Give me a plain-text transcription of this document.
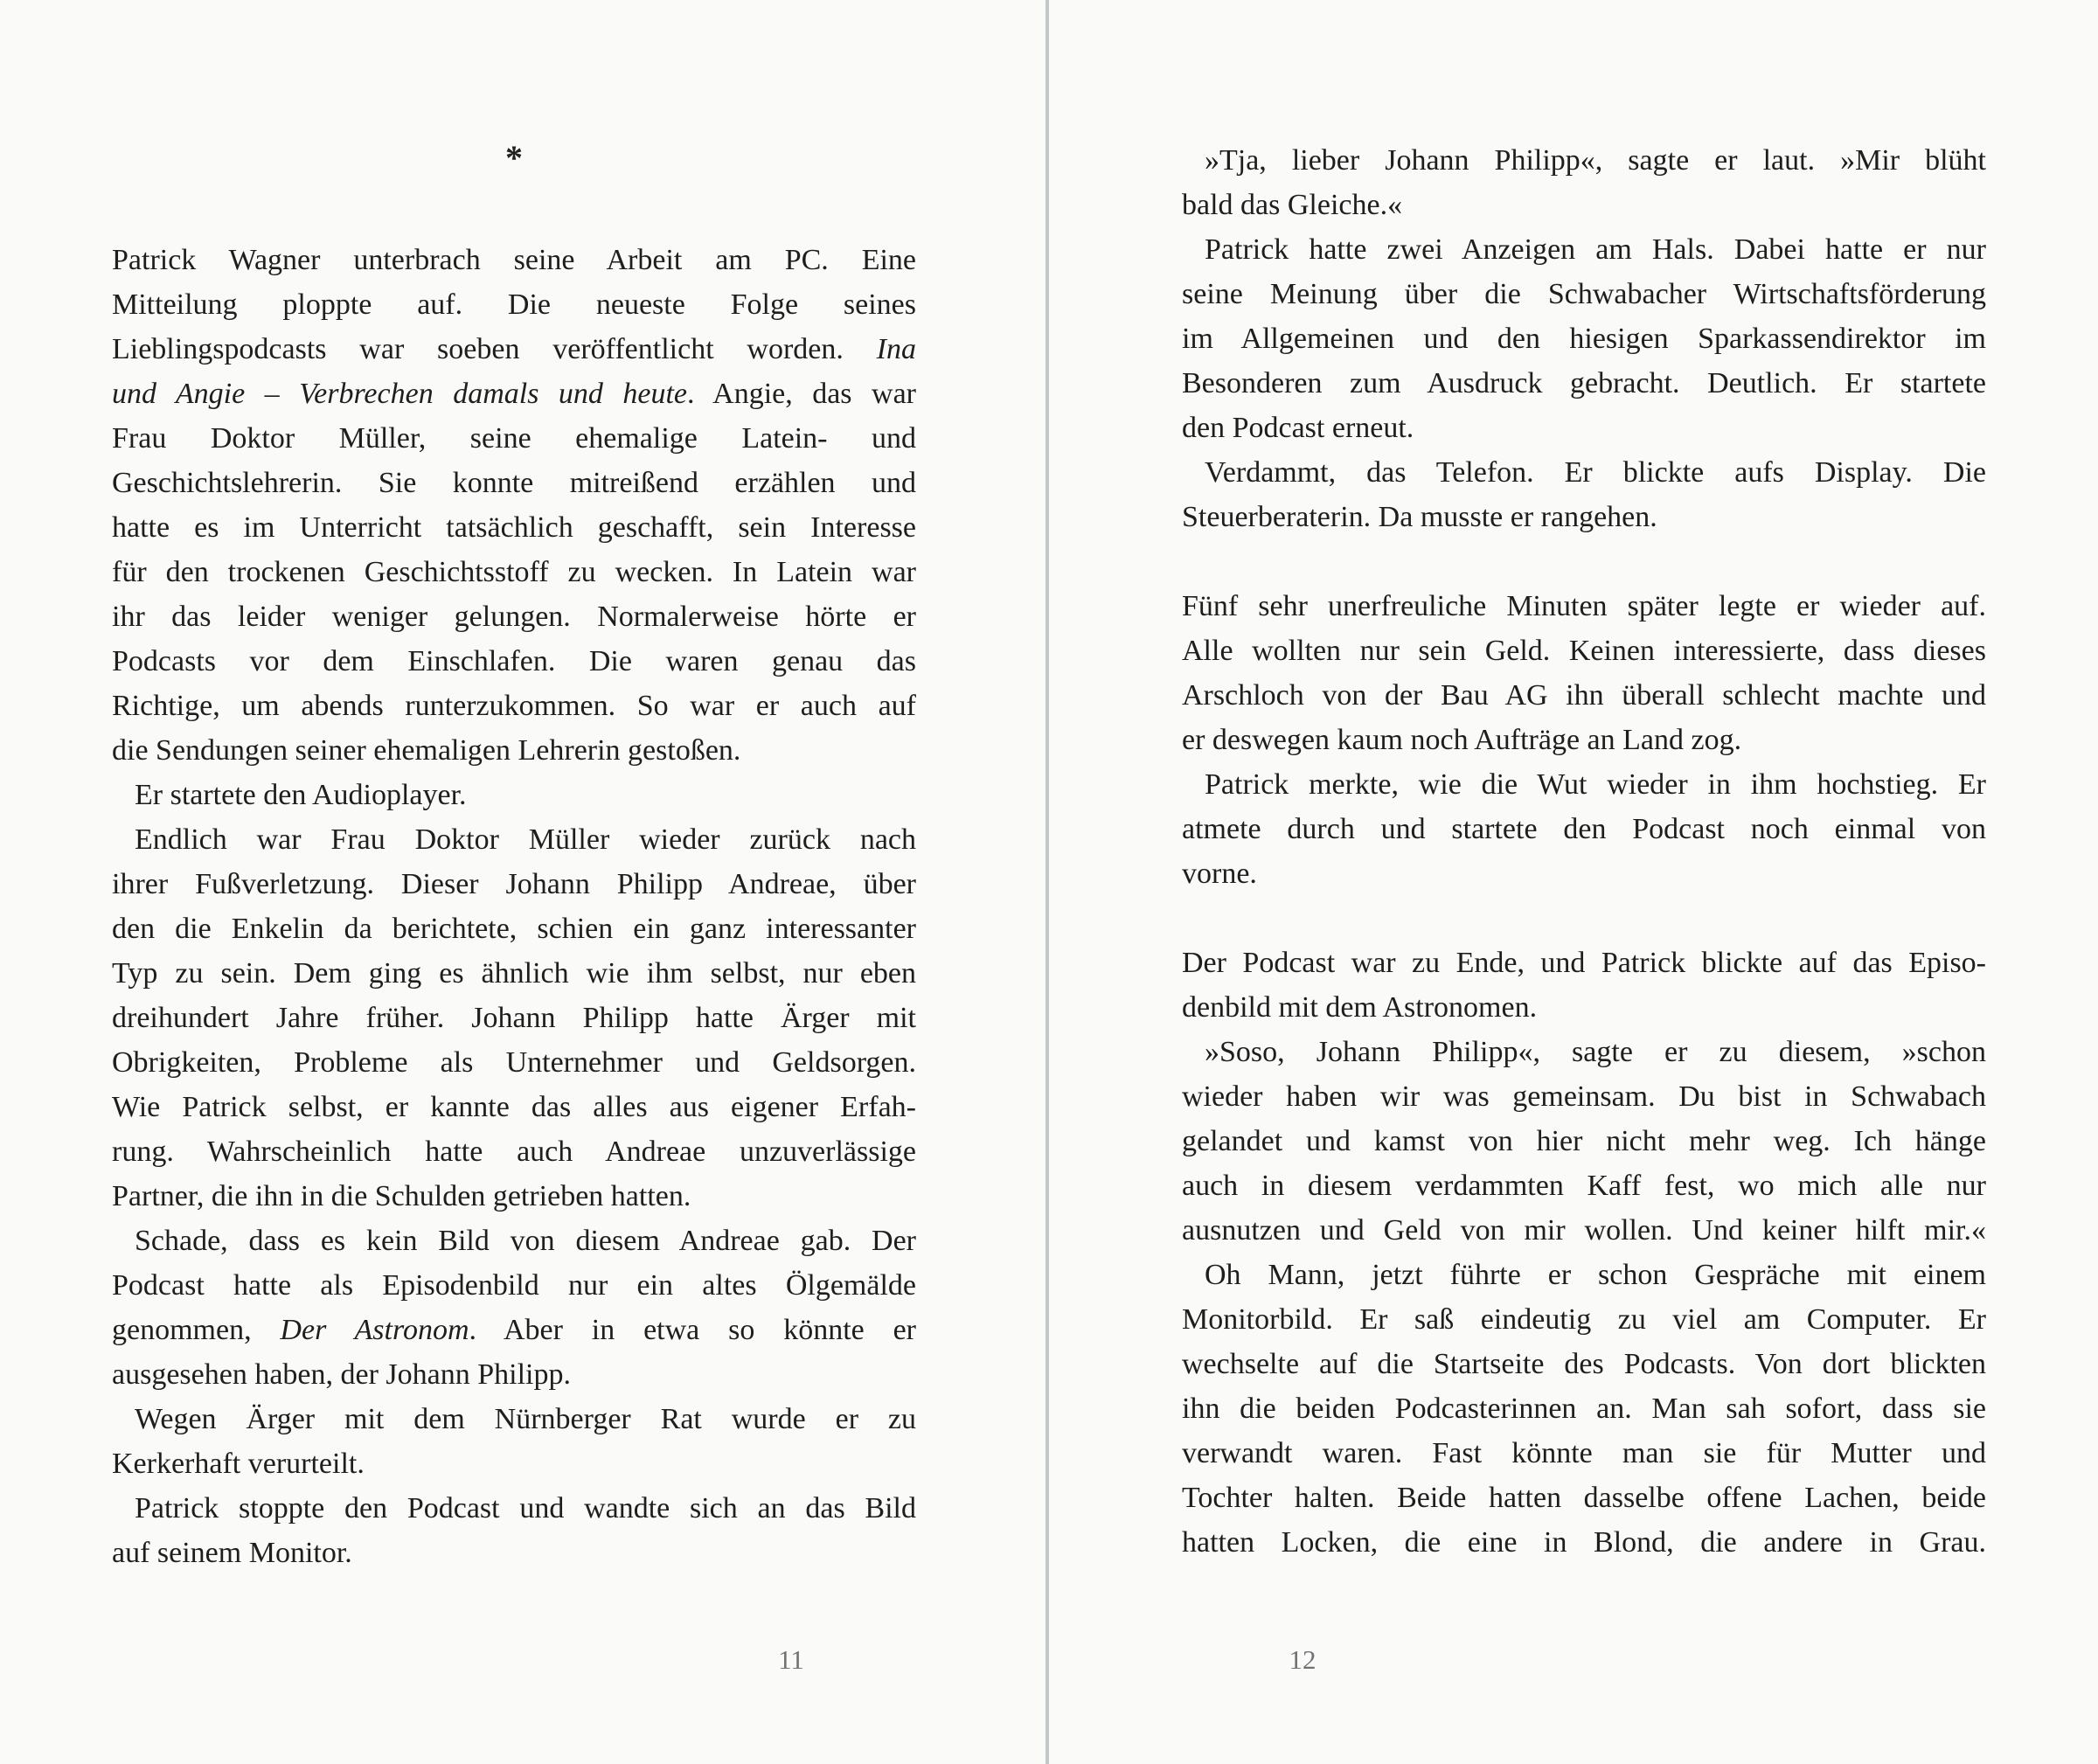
*
Patrick Wagner unterbrach seine Arbeit am PC. Eine
Mitteilung ploppte auf. Die neueste Folge seines
Lieblingspodcasts war soeben veröffentlicht worden. Ina
und Angie – Verbrechen damals und heute. Angie, das war
Frau Doktor Müller, seine ehemalige Latein- und
Geschichtslehrerin. Sie konnte mitreißend erzählen und
hatte es im Unterricht tatsächlich geschafft, sein Interesse
für den trockenen Geschichtsstoff zu wecken. In Latein war
ihr das leider weniger gelungen. Normalerweise hörte er
Podcasts vor dem Einschlafen. Die waren genau das
Richtige, um abends runterzukommen. So war er auch auf
die Sendungen seiner ehemaligen Lehrerin gestoßen.
Er startete den Audioplayer.
Endlich war Frau Doktor Müller wieder zurück nach
ihrer Fußverletzung. Dieser Johann Philipp Andreae, über
den die Enkelin da berichtete, schien ein ganz interessanter
Typ zu sein. Dem ging es ähnlich wie ihm selbst, nur eben
dreihundert Jahre früher. Johann Philipp hatte Ärger mit
Obrigkeiten, Probleme als Unternehmer und Geldsorgen.
Wie Patrick selbst, er kannte das alles aus eigener Erfah-
rung. Wahrscheinlich hatte auch Andreae unzuverlässige
Partner, die ihn in die Schulden getrieben hatten.
Schade, dass es kein Bild von diesem Andreae gab. Der
Podcast hatte als Episodenbild nur ein altes Ölgemälde
genommen, Der Astronom. Aber in etwa so könnte er
ausgesehen haben, der Johann Philipp.
Wegen Ärger mit dem Nürnberger Rat wurde er zu
Kerkerhaft verurteilt.
Patrick stoppte den Podcast und wandte sich an das Bild
auf seinem Monitor.
11
»Tja, lieber Johann Philipp«, sagte er laut. »Mir blüht
bald das Gleiche.«
Patrick hatte zwei Anzeigen am Hals. Dabei hatte er nur
seine Meinung über die Schwabacher Wirtschaftsförderung
im Allgemeinen und den hiesigen Sparkassendirektor im
Besonderen zum Ausdruck gebracht. Deutlich. Er startete
den Podcast erneut.
Verdammt, das Telefon. Er blickte aufs Display. Die
Steuerberaterin. Da musste er rangehen.
Fünf sehr unerfreuliche Minuten später legte er wieder auf.
Alle wollten nur sein Geld. Keinen interessierte, dass dieses
Arschloch von der Bau AG ihn überall schlecht machte und
er deswegen kaum noch Aufträge an Land zog.
Patrick merkte, wie die Wut wieder in ihm hochstieg. Er
atmete durch und startete den Podcast noch einmal von
vorne.
Der Podcast war zu Ende, und Patrick blickte auf das Episo-
denbild mit dem Astronomen.
»Soso, Johann Philipp«, sagte er zu diesem, »schon
wieder haben wir was gemeinsam. Du bist in Schwabach
gelandet und kamst von hier nicht mehr weg. Ich hänge
auch in diesem verdammten Kaff fest, wo mich alle nur
ausnutzen und Geld von mir wollen. Und keiner hilft mir.«
Oh Mann, jetzt führte er schon Gespräche mit einem
Monitorbild. Er saß eindeutig zu viel am Computer. Er
wechselte auf die Startseite des Podcasts. Von dort blickten
ihn die beiden Podcasterinnen an. Man sah sofort, dass sie
verwandt waren. Fast könnte man sie für Mutter und
Tochter halten. Beide hatten dasselbe offene Lachen, beide
hatten Locken, die eine in Blond, die andere in Grau.
12
